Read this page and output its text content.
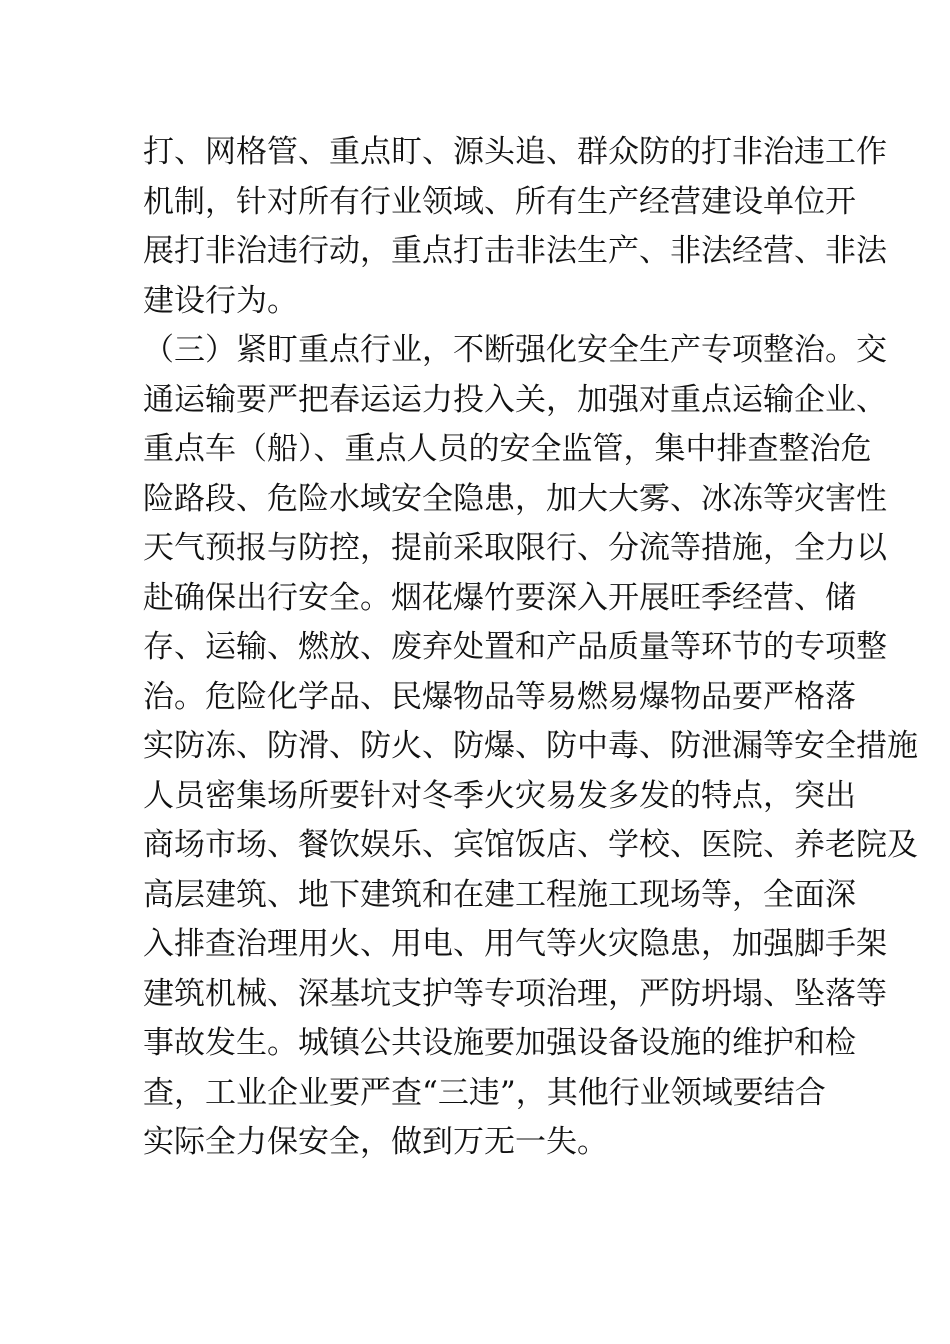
打、网格管、重点盯、源头追、群众防的打非治违工作
机制，针对所有行业领域、所有生产经营建设单位开
展打非治违行动，重点打击非法生产、非法经营、非法
建设行为。
（三）紧盯重点行业，不断强化安全生产专项整治。交
通运输要严把春运运力投入关，加强对重点运输企业、
重点车（船）、重点人员的安全监管，集中排查整治危
险路段、危险水域安全隐患，加大大雾、冰冻等灾害性
天气预报与防控，提前采取限行、分流等措施，全力以
赴确保出行安全。烟花爆竹要深入开展旺季经营、储
存、运输、燃放、废弃处置和产品质量等环节的专项整
治。危险化学品、民爆物品等易燃易爆物品要严格落
实防冻、防滑、防火、防爆、防中毒、防泄漏等安全措施
人员密集场所要针对冬季火灾易发多发的特点，突出
商场市场、餐饮娱乐、宾馆饭店、学校、医院、养老院及
高层建筑、地下建筑和在建工程施工现场等，全面深
入排查治理用火、用电、用气等火灾隐患，加强脚手架
建筑机械、深基坑支护等专项治理，严防坍塌、坠落等
事故发生。城镇公共设施要加强设备设施的维护和检
查，工业企业要严查“三违”，其他行业领域要结合
实际全力保安全，做到万无一失。
